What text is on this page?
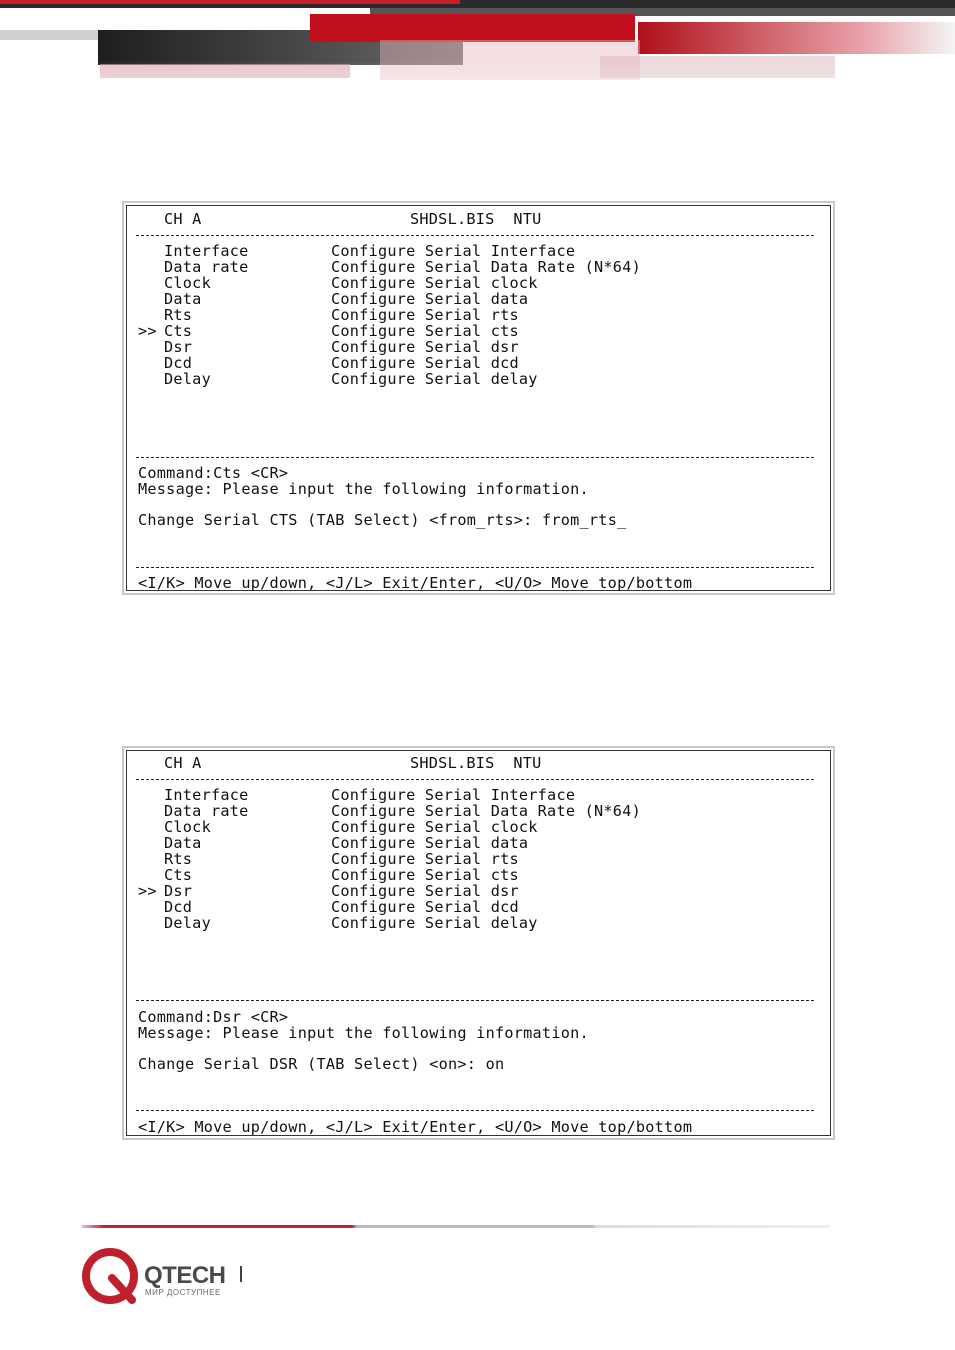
CH A	SHDSL.BIS  NTU
Interface	Configure Serial Interface
Data rate	Configure Serial Data Rate (N*64)
Clock	Configure Serial clock
Data	Configure Serial data
Rts	Configure Serial rts
>> Cts	Configure Serial cts
Dsr	Configure Serial dsr
Dcd	Configure Serial dcd
Delay	Configure Serial delay
Command:Cts <CR>
Message: Please input the following information.
Change Serial CTS (TAB Select) <from_rts>: from_rts_
<I/K> Move up/down, <J/L> Exit/Enter, <U/O> Move top/bottom
CH A	SHDSL.BIS  NTU
Interface	Configure Serial Interface
Data rate	Configure Serial Data Rate (N*64)
Clock	Configure Serial clock
Data	Configure Serial data
Rts	Configure Serial rts
Cts	Configure Serial cts
>> Dsr	Configure Serial dsr
Dcd	Configure Serial dcd
Delay	Configure Serial delay
Command:Dsr <CR>
Message: Please input the following information.
Change Serial DSR (TAB Select) <on>: on
<I/K> Move up/down, <J/L> Exit/Enter, <U/O> Move top/bottom
QTECH
МИР ДОСТУПНЕЕ
